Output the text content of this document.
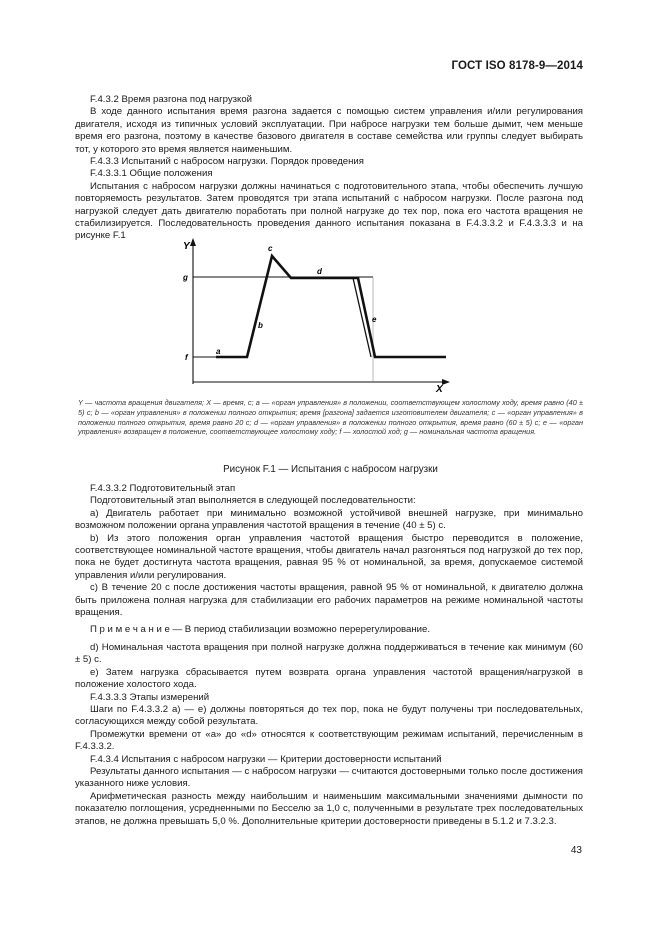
ГОСТ ISO 8178-9—2014

F.4.3.2 Время разгона под нагрузкой

В ходе данного испытания время разгона задается с помощью систем управления и/или регулирования двигателя, исходя из типичных условий эксплуатации. При набросе нагрузки тем больше дымит, чем меньше время его разгона, поэтому в качестве базового двигателя в составе семейства или группы следует выбирать тот, у которого это время является наименьшим.

F.4.3.3 Испытаний с набросом нагрузки. Порядок проведения

F.4.3.3.1 Общие положения

Испытания с набросом нагрузки должны начинаться с подготовительного этапа, чтобы обеспечить лучшую повторяемость результатов. Затем проводятся три этапа испытаний с набросом нагрузки. После разгона под нагрузкой следует дать двигателю поработать при полной нагрузке до тех пор, пока его частота вращения не стабилизируется. Последовательность проведения данного испытания показана в F.4.3.3.2 и F.4.3.3.3 и на рисунке F.1

Y
X
g
f
a
b
c
d
e
Y — частота вращения двигателя; X — время, с; a — «орган управления» в положении, соответствующем холостому ходу, время равно (40 ± 5) с; b — «орган управления» в положении полного открытия; время [разгона] задается изготовителем двигателя; c — «орган управления» в положении полного открытия, время равно 20 с; d — «орган управления» в положении полного открытия, время равно (60 ± 5) с; e — «орган управления» возвращен в положение, соответствующее холостому ходу; f — холостой ход; g — номинальная частота вращения.
Рисунок F.1 — Испытания с набросом нагрузки

F.4.3.3.2 Подготовительный этап

Подготовительный этап выполняется в следующей последовательности:

a) Двигатель работает при минимально возможной устойчивой внешней нагрузке, при минимально возможном положении органа управления частотой вращения в течение (40 ± 5) с.

b) Из этого положения орган управления частотой вращения быстро переводится в положение, соответствующее номинальной частоте вращения, чтобы двигатель начал разгоняться под нагрузкой до тех пор, пока не будет достигнута частота вращения, равная 95 % от номинальной, за время, допускаемое системой управления и/или регулирования.

c) В течение 20 с после достижения частоты вращения, равной 95 % от номинальной, к двигателю должна быть приложена полная нагрузка для стабилизации его рабочих параметров на режиме номинальной частоты вращения.

П р и м е ч а н и е — В период стабилизации возможно перерегулирование.

d) Номинальная частота вращения при полной нагрузке должна поддерживаться в течение как минимум (60 ± 5) с.

e) Затем нагрузка сбрасывается путем возврата органа управления частотой вращения/нагрузкой в положение холостого хода.

F.4.3.3.3 Этапы измерений

Шаги по F.4.3.3.2 a) — e) должны повторяться до тех пор, пока не будут получены три последовательных, согласующихся между собой результата.

Промежутки времени от «a» до «d» относятся к соответствующим режимам испытаний, перечисленным в F.4.3.3.2.

F.4.3.4 Испытания с набросом нагрузки — Критерии достоверности испытаний

Результаты данного испытания — с набросом нагрузки — считаются достоверными только после достижения указанного ниже условия.

Арифметическая разность между наибольшим и наименьшим максимальными значениями дымности по показателю поглощения, усредненными по Бесселю за 1,0 с, полученными в результате трех последовательных этапов, не должна превышать 5,0 %. Дополнительные критерии достоверности приведены в 5.1.2 и 7.3.2.3.

43
